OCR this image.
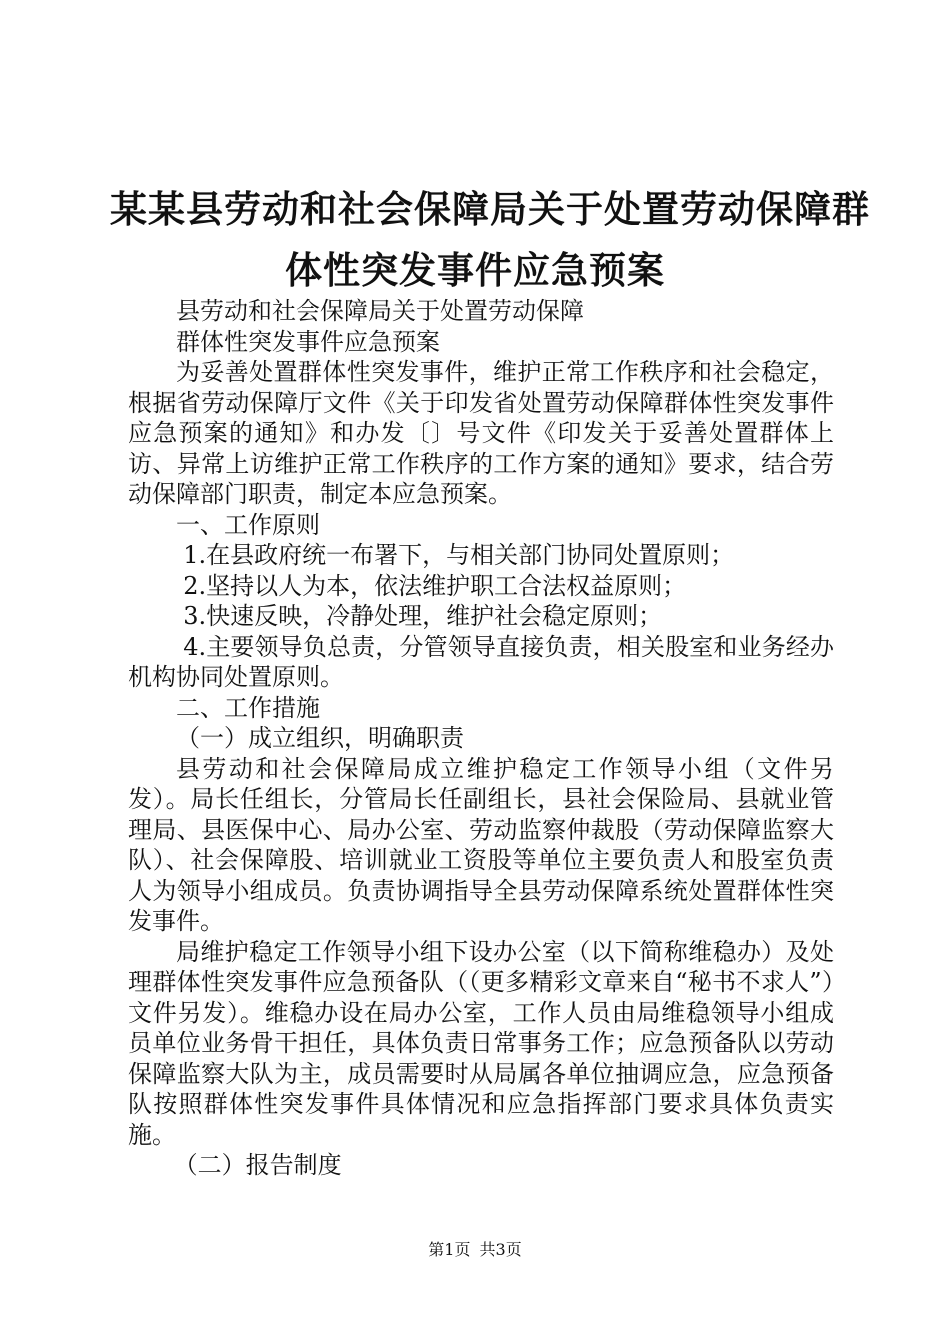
某某县劳动和社会保障局关于处置劳动保障群
体性突发事件应急预案

县劳动和社会保障局关于处置劳动保障

群体性突发事件应急预案

为妥善处置群体性突发事件，维护正常工作秩序和社会稳定，根据省劳动保障厅文件《关于印发省处置劳动保障群体性突发事件应急预案的通知》和办发〔〕号文件《印发关于妥善处置群体上访、异常上访维护正常工作秩序的工作方案的通知》要求，结合劳动保障部门职责，制定本应急预案。

一、工作原则

1.在县政府统一布署下，与相关部门协同处置原则；

2.坚持以人为本，依法维护职工合法权益原则；

3.快速反映，冷静处理，维护社会稳定原则；

4.主要领导负总责，分管领导直接负责，相关股室和业务经办机构协同处置原则。

二、工作措施

（一）成立组织，明确职责

县劳动和社会保障局成立维护稳定工作领导小组（文件另发）。局长任组长，分管局长任副组长，县社会保险局、县就业管理局、县医保中心、局办公室、劳动监察仲裁股（劳动保障监察大队）、社会保障股、培训就业工资股等单位主要负责人和股室负责人为领导小组成员。负责协调指导全县劳动保障系统处置群体性突发事件。

局维护稳定工作领导小组下设办公室（以下简称维稳办）及处理群体性突发事件应急预备队（（更多精彩文章来自“秘书不求人”）文件另发）。维稳办设在局办公室，工作人员由局维稳领导小组成员单位业务骨干担任，具体负责日常事务工作；应急预备队以劳动保障监察大队为主，成员需要时从局属各单位抽调应急，应急预备队按照群体性突发事件具体情况和应急指挥部门要求具体负责实施。

（二）报告制度

第1页 共3页
